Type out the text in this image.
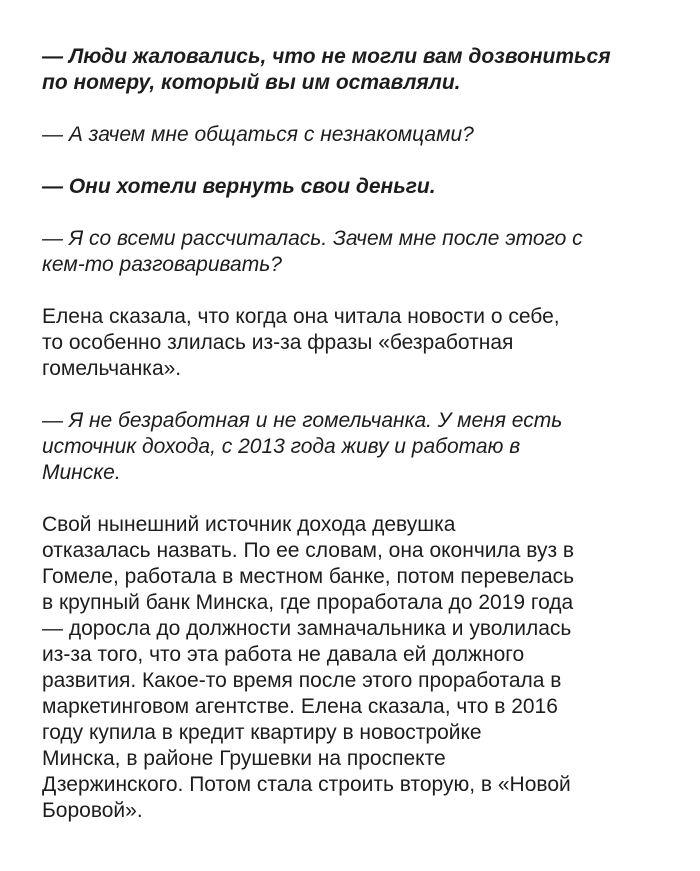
— Люди жаловались, что не могли вам дозвониться
по номеру, который вы им оставляли.

— А зачем мне общаться с незнакомцами?

— Они хотели вернуть свои деньги.

— Я со всеми рассчиталась. Зачем мне после этого с
кем-то разговаривать?

Елена сказала, что когда она читала новости о себе,
то особенно злилась из-за фразы «безработная
гомельчанка».

— Я не безработная и не гомельчанка. У меня есть
источник дохода, с 2013 года живу и работаю в
Минске.

Свой нынешний источник дохода девушка
отказалась назвать. По ее словам, она окончила вуз в
Гомеле, работала в местном банке, потом перевелась
в крупный банк Минска, где проработала до 2019 года
— доросла до должности замначальника и уволилась
из-за того, что эта работа не давала ей должного
развития. Какое-то время после этого проработала в
маркетинговом агентстве. Елена сказала, что в 2016
году купила в кредит квартиру в новостройке
Минска, в районе Грушевки на проспекте
Дзержинского. Потом стала строить вторую, в «Новой
Боровой».
